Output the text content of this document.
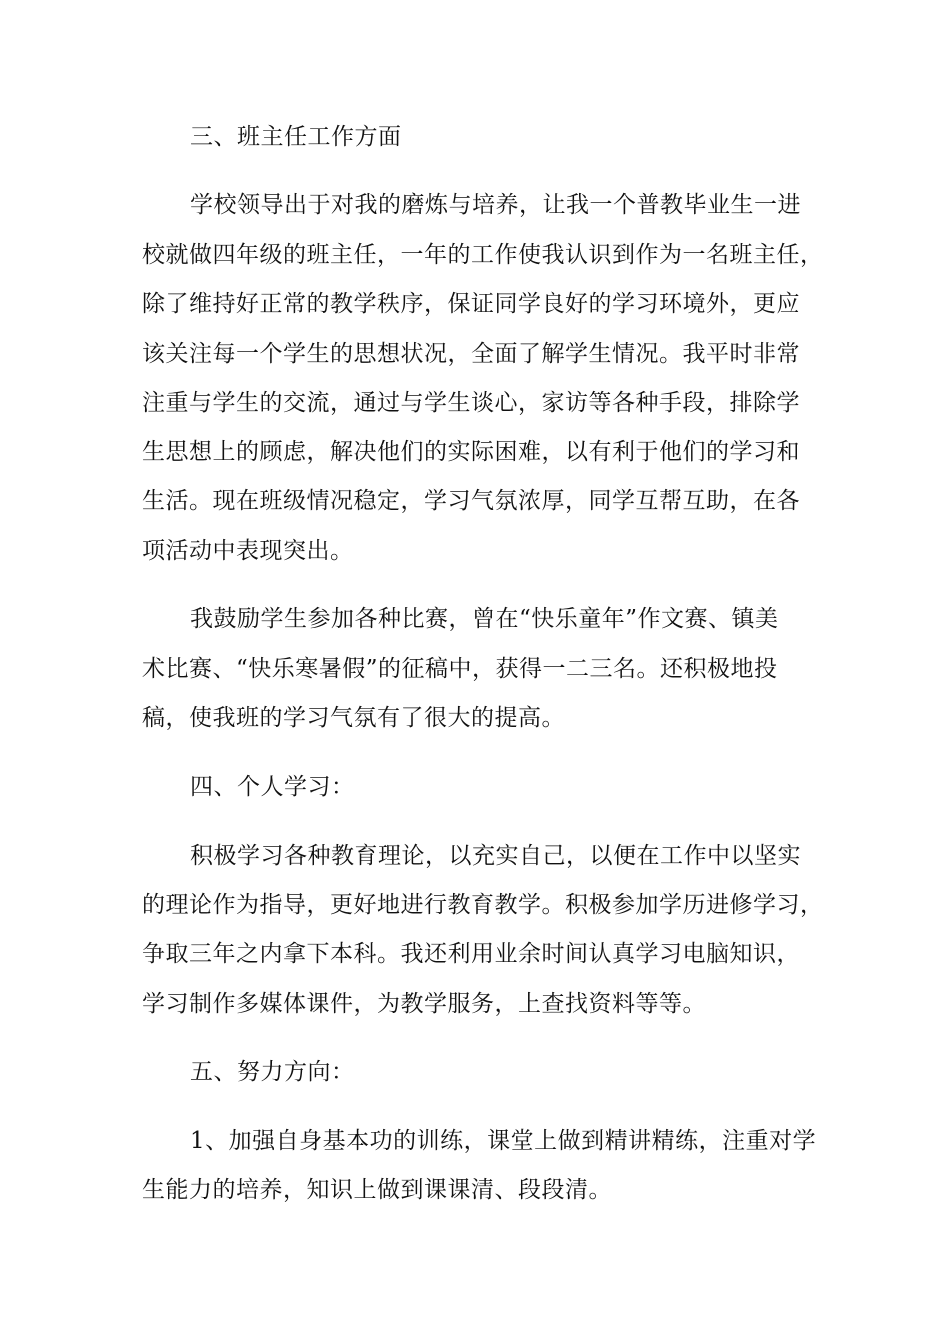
三、班主任工作方面
学校领导出于对我的磨炼与培养，让我一个普教毕业生一进
校就做四年级的班主任，一年的工作使我认识到作为一名班主任，
除了维持好正常的教学秩序，保证同学良好的学习环境外，更应
该关注每一个学生的思想状况，全面了解学生情况。我平时非常
注重与学生的交流，通过与学生谈心，家访等各种手段，排除学
生思想上的顾虑，解决他们的实际困难，以有利于他们的学习和
生活。现在班级情况稳定，学习气氛浓厚，同学互帮互助，在各
项活动中表现突出。
我鼓励学生参加各种比赛，曾在“快乐童年”作文赛、镇美
术比赛、“快乐寒暑假”的征稿中，获得一二三名。还积极地投
稿，使我班的学习气氛有了很大的提高。
四、个人学习：
积极学习各种教育理论，以充实自己，以便在工作中以坚实
的理论作为指导，更好地进行教育教学。积极参加学历进修学习，
争取三年之内拿下本科。我还利用业余时间认真学习电脑知识，
学习制作多媒体课件，为教学服务，上查找资料等等。
五、努力方向：
1、加强自身基本功的训练，课堂上做到精讲精练，注重对学
生能力的培养，知识上做到课课清、段段清。
